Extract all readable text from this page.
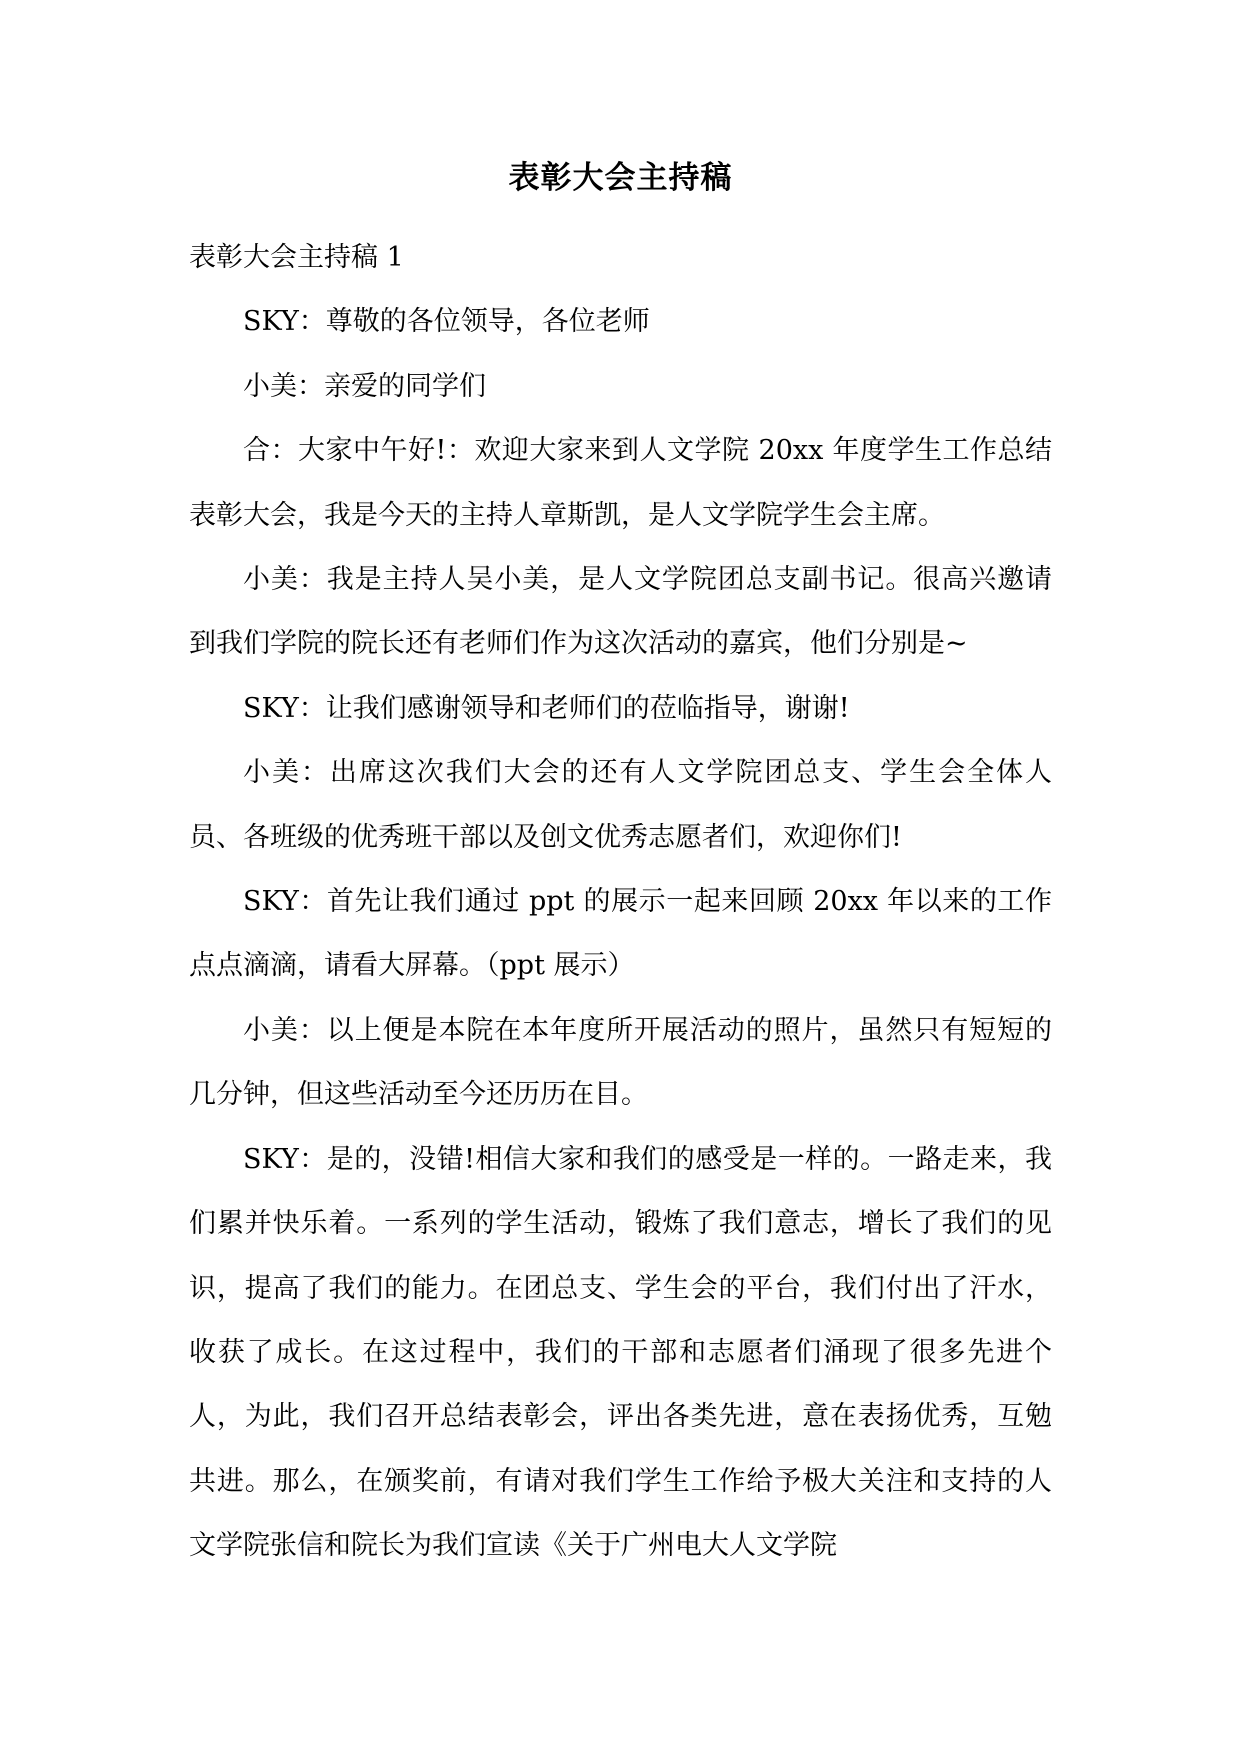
表彰大会主持稿

表彰大会主持稿 1

SKY：尊敬的各位领导，各位老师

小美：亲爱的同学们

合：大家中午好!：欢迎大家来到人文学院 20xx 年度学生工作总结表彰大会，我是今天的主持人章斯凯，是人文学院学生会主席。

小美：我是主持人吴小美，是人文学院团总支副书记。很高兴邀请到我们学院的院长还有老师们作为这次活动的嘉宾，他们分别是~

SKY：让我们感谢领导和老师们的莅临指导，谢谢!

小美：出席这次我们大会的还有人文学院团总支、学生会全体人员、各班级的优秀班干部以及创文优秀志愿者们，欢迎你们!

SKY：首先让我们通过 ppt 的展示一起来回顾 20xx 年以来的工作点点滴滴，请看大屏幕。（ppt 展示）

小美：以上便是本院在本年度所开展活动的照片，虽然只有短短的几分钟，但这些活动至今还历历在目。

SKY：是的，没错!相信大家和我们的感受是一样的。一路走来，我们累并快乐着。一系列的学生活动，锻炼了我们意志，增长了我们的见识，提高了我们的能力。在团总支、学生会的平台，我们付出了汗水，收获了成长。在这过程中，我们的干部和志愿者们涌现了很多先进个人，为此，我们召开总结表彰会，评出各类先进，意在表扬优秀，互勉共进。那么，在颁奖前，有请对我们学生工作给予极大关注和支持的人文学院张信和院长为我们宣读《关于广州电大人文学院
